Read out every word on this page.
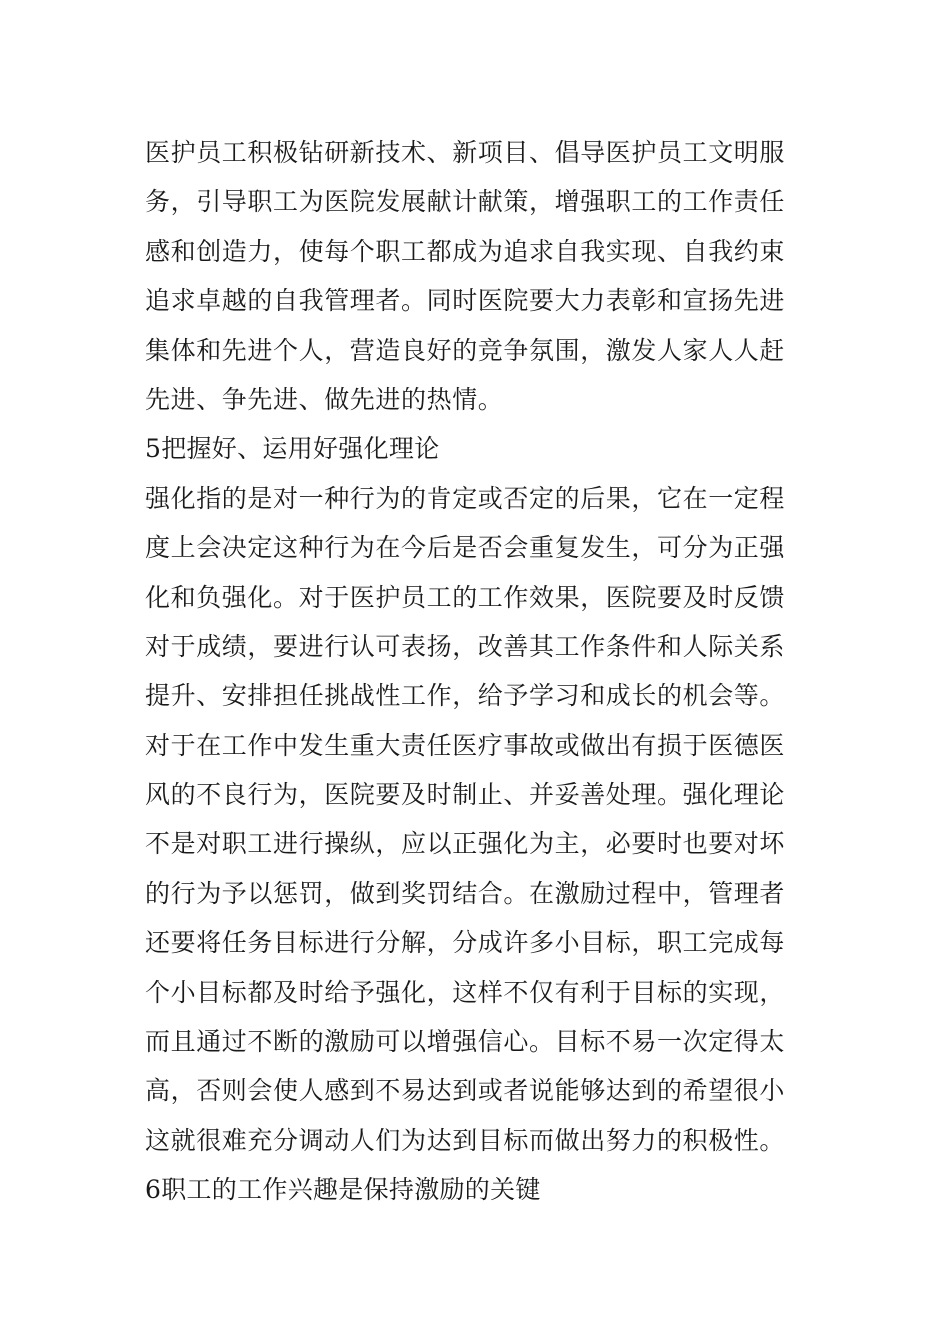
医护员工积极钻研新技术、新项目、倡导医护员工文明服
务，引导职工为医院发展献计献策，增强职工的工作责任
感和创造力，使每个职工都成为追求自我实现、自我约束
追求卓越的自我管理者。同时医院要大力表彰和宣扬先进
集体和先进个人，营造良好的竞争氛围，激发人家人人赶
先进、争先进、做先进的热情。
5把握好、运用好强化理论
强化指的是对一种行为的肯定或否定的后果，它在一定程
度上会决定这种行为在今后是否会重复发生，可分为正强
化和负强化。对于医护员工的工作效果，医院要及时反馈
对于成绩，要进行认可表扬，改善其工作条件和人际关系
提升、安排担任挑战性工作，给予学习和成长的机会等。
对于在工作中发生重大责任医疗事故或做出有损于医德医
风的不良行为，医院要及时制止、并妥善处理。强化理论
不是对职工进行操纵，应以正强化为主，必要时也要对坏
的行为予以惩罚，做到奖罚结合。在激励过程中，管理者
还要将任务目标进行分解，分成许多小目标，职工完成每
个小目标都及时给予强化，这样不仅有利于目标的实现，
而且通过不断的激励可以增强信心。目标不易一次定得太
高，否则会使人感到不易达到或者说能够达到的希望很小
这就很难充分调动人们为达到目标而做出努力的积极性。
6职工的工作兴趣是保持激励的关键
